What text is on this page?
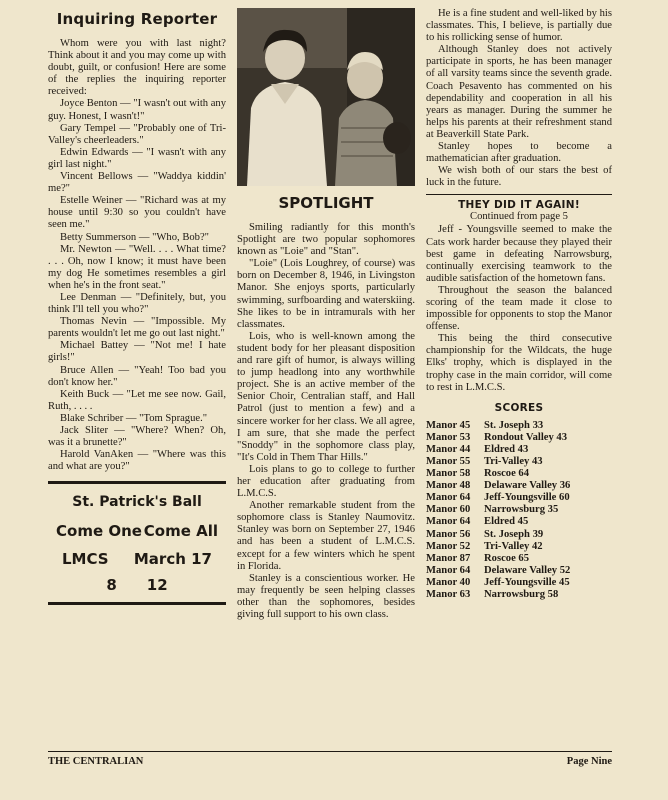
Inquiring Reporter

Whom were you with last night? Think about it and you may come up with doubt, guilt, or confusion! Here are some of the replies the inquiring reporter received:

Joyce Benton — "I wasn't out with any guy. Honest, I wasn't!"

Gary Tempel — "Probably one of Tri-Valley's cheerleaders."

Edwin Edwards — "I wasn't with any girl last night."

Vincent Bellows — "Waddya kiddin' me?"

Estelle Weiner — "Richard was at my house until 9:30 so you couldn't have seen me."

Betty Summerson — "Who, Bob?"

Mr. Newton — "Well. . . . What time? . . . Oh, now I know; it must have been my dog He sometimes resembles a girl when he's in the front seat."

Lee Denman — "Definitely, but, you think I'll tell you who?"

Thomas Nevin — "Impossible. My parents wouldn't let me go out last night."

Michael Battey — "Not me! I hate girls!"

Bruce Allen — "Yeah! Too bad you don't know her."

Keith Buck — "Let me see now. Gail, Ruth, . . . .

Blake Schriber — "Tom Sprague."

Jack Sliter — "Where? When? Oh, was it a brunette?"

Harold VanAken — "Where was this and what are you?"

St. Patrick's Ball
Come One Come All
LMCS March 17
8 12
SPOTLIGHT

Smiling radiantly for this month's Spotlight are two popular sophomores known as "Loie" and "Stan".

"Loie" (Lois Loughrey, of course) was born on December 8, 1946, in Livingston Manor. She enjoys sports, particularly swimming, surfboarding and waterskiing. She likes to be in intramurals with her classmates.

Lois, who is well-known among the student body for her pleasant disposition and rare gift of humor, is always willing to jump headlong into any worthwhile project. She is an active member of the Senior Choir, Centralian staff, and Hall Patrol (just to mention a few) and a sincere worker for her class. We all agree, I am sure, that she made the perfect "Snoddy" in the sophomore class play, "It's Cold in Them Thar Hills."

Lois plans to go to college to further her education after graduating from L.M.C.S.

Another remarkable student from the sophomore class is Stanley Naumovitz. Stanley was born on September 27, 1946 and has been a student of L.M.C.S. except for a few winters which he spent in Florida.

Stanley is a conscientious worker. He may frequently be seen helping classes other than the sophomores, besides giving full support to his own class.

He is a fine student and well-liked by his classmates. This, I believe, is partially due to his rollicking sense of humor.

Although Stanley does not actively participate in sports, he has been manager of all varsity teams since the seventh grade. Coach Pesavento has commented on his dependability and cooperation in all his years as manager. During the summer he helps his parents at their refreshment stand at Beaverkill State Park.

Stanley hopes to become a mathematician after graduation.

We wish both of our stars the best of luck in the future.

THEY DID IT AGAIN!
Continued from page 5

Jeff - Youngsville seemed to make the Cats work harder because they played their best game in defeating Narrowsburg, continually exercising teamwork to the audible satisfaction of the hometown fans.

Throughout the season the balanced scoring of the team made it close to impossible for opponents to stop the Manor offense.

This being the third consecutive championship for the Wildcats, the huge Elks' trophy, which is displayed in the trophy case in the main corridor, will come to rest in L.M.C.S.

SCORES
Manor 45	St. Joseph 33
Manor 53	Rondout Valley 43
Manor 44	Eldred 43
Manor 55	Tri-Valley 43
Manor 58	Roscoe 64
Manor 48	Delaware Valley 36
Manor 64	Jeff-Youngsville 60
Manor 60	Narrowsburg 35
Manor 64	Eldred 45
Manor 56	St. Joseph 39
Manor 52	Tri-Valley 42
Manor 87	Roscoe 65
Manor 64	Delaware Valley 52
Manor 40	Jeff-Youngsville 45
Manor 63	Narrowsburg 58
THE CENTRALIAN	Page Nine
